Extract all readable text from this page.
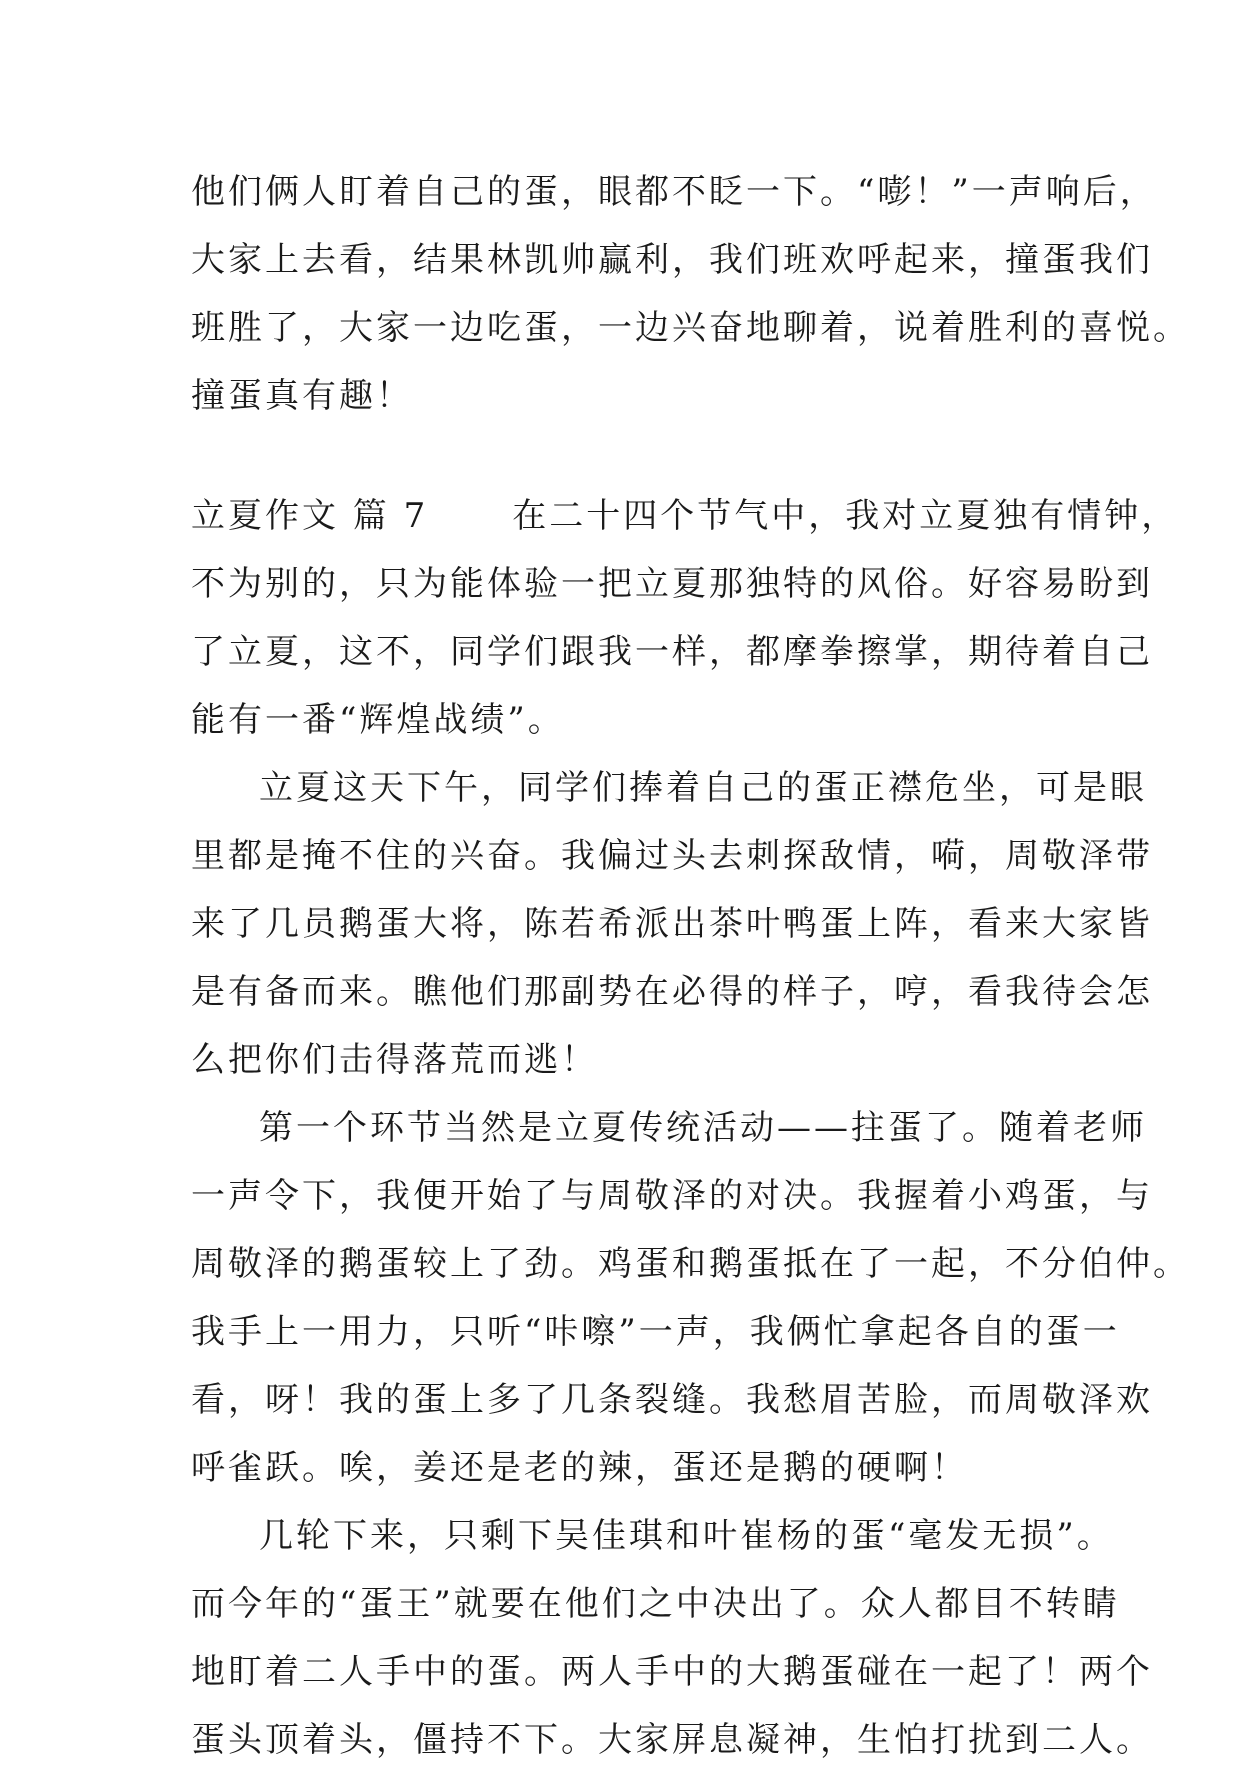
他们俩人盯着自己的蛋，眼都不眨一下。“嘭！”一声响后，
大家上去看，结果林凯帅赢利，我们班欢呼起来，撞蛋我们
班胜了，大家一边吃蛋，一边兴奋地聊着，说着胜利的喜悦。
撞蛋真有趣！
立夏作文 篇 7 在二十四个节气中，我对立夏独有情钟，
不为别的，只为能体验一把立夏那独特的风俗。好容易盼到
了立夏，这不，同学们跟我一样，都摩拳擦掌，期待着自己
能有一番“辉煌战绩”。
立夏这天下午，同学们捧着自己的蛋正襟危坐，可是眼
里都是掩不住的兴奋。我偏过头去刺探敌情，嗬，周敬泽带
来了几员鹅蛋大将，陈若希派出茶叶鸭蛋上阵，看来大家皆
是有备而来。瞧他们那副势在必得的样子，哼，看我待会怎
么把你们击得落荒而逃！
第一个环节当然是立夏传统活动——拄蛋了。随着老师
一声令下，我便开始了与周敬泽的对决。我握着小鸡蛋，与
周敬泽的鹅蛋较上了劲。鸡蛋和鹅蛋抵在了一起，不分伯仲。
我手上一用力，只听“咔嚓”一声，我俩忙拿起各自的蛋一
看，呀！我的蛋上多了几条裂缝。我愁眉苦脸，而周敬泽欢
呼雀跃。唉，姜还是老的辣，蛋还是鹅的硬啊！
几轮下来，只剩下吴佳琪和叶崔杨的蛋“毫发无损”。
而今年的“蛋王”就要在他们之中决出了。众人都目不转睛
地盯着二人手中的蛋。两人手中的大鹅蛋碰在一起了！两个
蛋头顶着头，僵持不下。大家屏息凝神，生怕打扰到二人。
